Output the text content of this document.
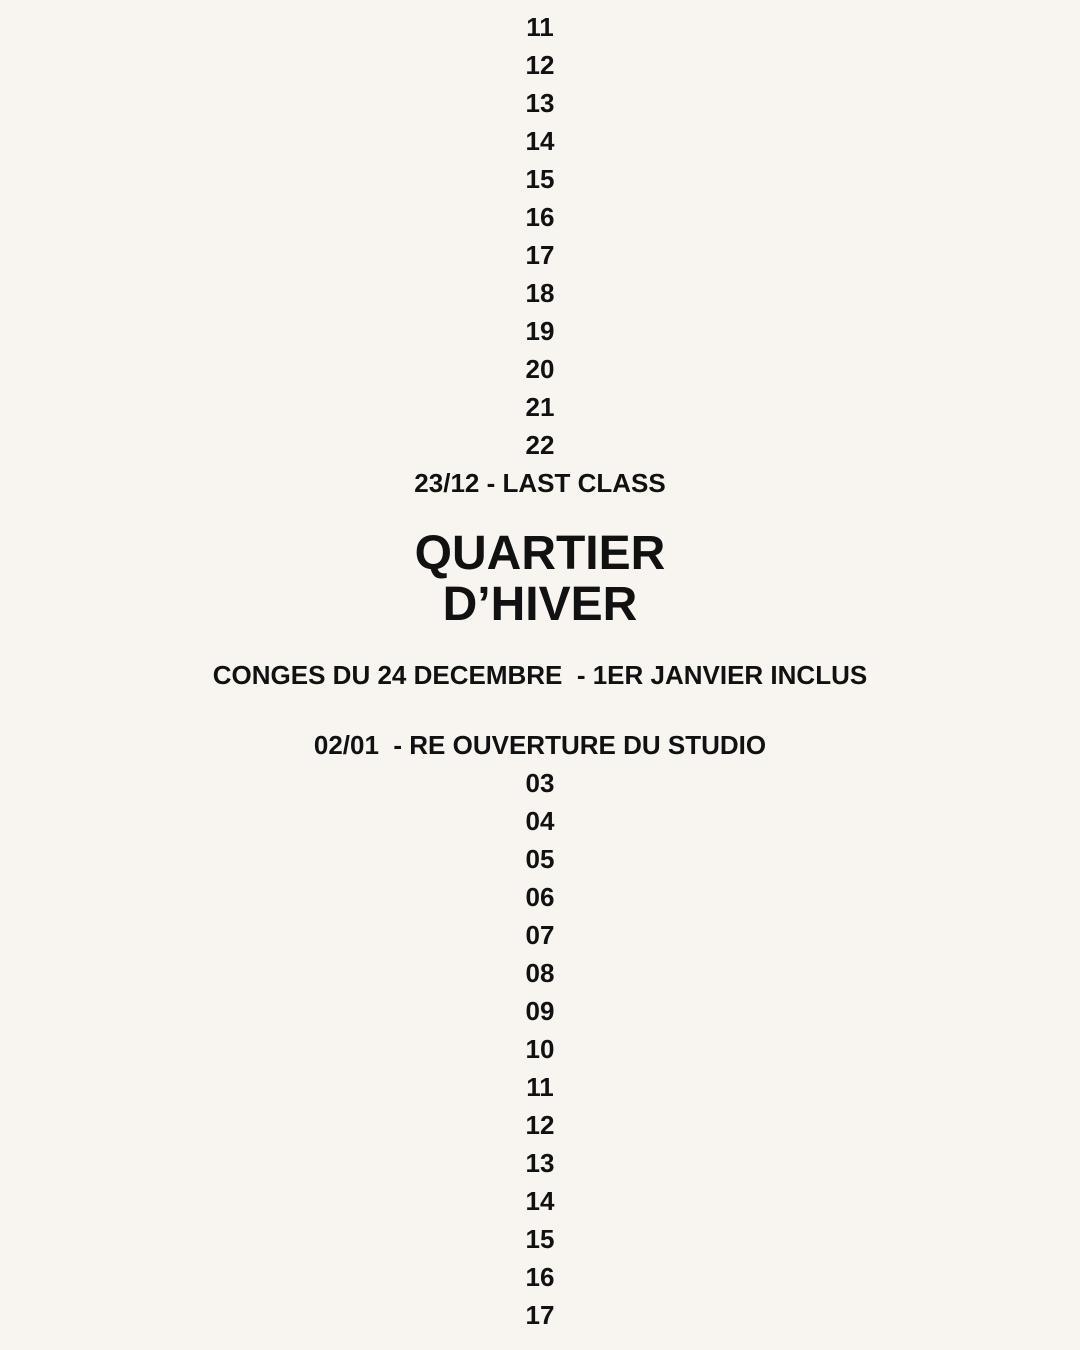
11
12
13
14
15
16
17
18
19
20
21
22
23/12 - LAST CLASS
QUARTIER
D’HIVER
CONGES DU 24 DECEMBRE  - 1ER JANVIER INCLUS
02/01  - RE OUVERTURE DU STUDIO
03
04
05
06
07
08
09
10
11
12
13
14
15
16
17
